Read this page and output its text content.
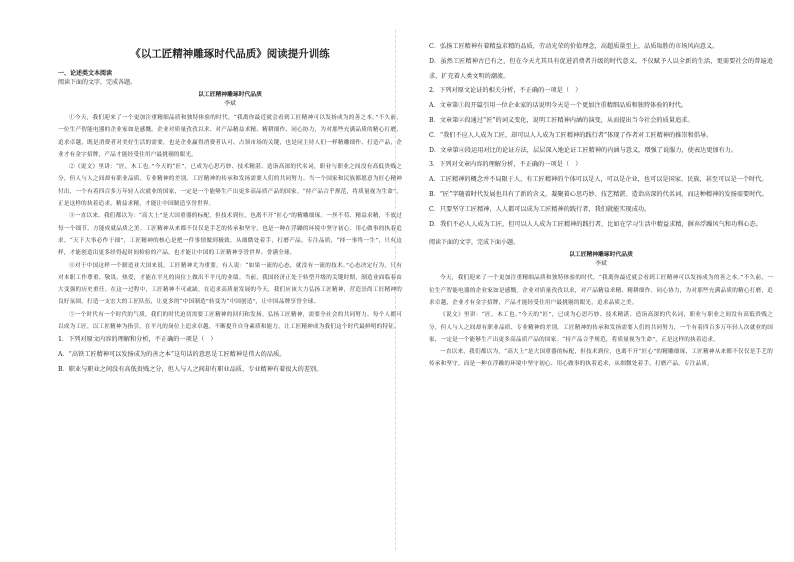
《以工匠精神雕琢时代品质》阅读提升训练

一、论述类文本阅读

阅读下面的文字，完成各题。

以工匠精神雕琢时代品质

李斌

①今天，我们迎来了一个更加注重精细品质和独特体验的时代。“我离你最近就会看到工匠精神可以发扬成为的善之本。”不久前，一位生产智能电器的企业家如是感慨。企业对质量孜孜以求、对产品精益求精、精耕细作、同心协力，为对那些充满品质的精心打磨，追求卓越，既是消费者对美好生活的需要，也是企业赢得消费者认可、占领市场的关键，也是同主持人们一样精雕细作、打造产品，企业才有金字招牌，产品才能经受住用户最挑剔的眼光。

②《说文》里讲：“匠，木工也。”今天的“匠”，已成为心思巧妙、技术精湛、造诣高深的代名词，职业与职业之间没有高低贵贱之分，但人与人之间却有职业品质、专业精神的差别。工匠精神的传承和发扬需要人们的共同努力。当一个国家和民族都愿意为匠心精神付出，一个有着四百多万年轻人次就业的国家，一定是一个能够生产出更多高品质产品的国家。“持产品合乎规范，将质量视为生命”，正是这样的执着追求，精益求精，才能让中国制造享誉世界。

③一直以来，我们都以为：“高大上”是大国重器的标配，但技术到位，也离不开“匠心”的精雕细琢。一丝不苟、精益求精，不放过每一个细节，方能成就品质之美。工匠精神从来都不仅仅是手艺的传承和坚守，也是一种在浮躁的环境中坚守初心、用心做事的执着追求。“天下大事必作于细”，工匠精神的核心是把一件事情做到极致，从细微处着手，打磨产品，专注品质，“择一事终一生”，只有这样，才能创造出更多经得起时间检验的产品，也才能让中国的工匠精神享誉世界、誉满全球。

④对于中国这样一个制造业大国来说，工匠精神尤为重要。有人说：“如果一流的心态，就没有一流的技术。”心态决定行为，只有对本职工作尊重、敬畏、热爱，才能在平凡的岗位上做出不平凡的业绩。当前，我国经济正处于转型升级的关键时期，制造业面临着由大变强的历史重任。在这一过程中，工匠精神不可或缺。在追求高质量发展的今天，我们应该大力弘扬工匠精神，营造崇尚工匠精神的良好氛围，打造一支宏大的工匠队伍，让更多的“中国制造”转变为“中国创造”，让中国品牌享誉全球。

⑤一个时代有一个时代的气质，我们的时代迫切需要工匠精神的回归和发扬。弘扬工匠精神，需要全社会的共同努力。每个人都可以成为工匠，以工匠精神为指引，在平凡的岗位上追求卓越，不断提升自身素质和能力，让工匠精神成为我们这个时代最鲜明的特征。

1．下列对原文内容的理解和分析，不正确的一项是（　）

A．“高铁工匠精神可以发扬成为的善之本”这句话的意思是工匠精神是伟大的品质。

B．职业与职业之间没有高低贵贱之分，但人与人之间却有职业品质、专业精神有着很大的差别。

C．弘扬工匠精神有着精益求精的品质，劳动光荣的价值理念，高超质量至上，品质取胜的市场风向意义。

D．虽然工匠精神古已有之，但在今天尤其具有促进消费者升级的时代意义，不仅赋予人以全新的生活，更需要社会的普遍追求，扩充着人类文明的潮流。

2．下列对原文论证的相关分析，不正确的一项是（　）

A．文章第①段开篇引用一位企业家的话说明今天是一个更加注重精细品质和独特体验的时代。

B．文章第②段通过“匠”的词义变化，说明工匠精神内涵的演变，从而提出当今社会的质量追求。

C．“我们不应人人成为工匠，却可以人人成为工匠精神的践行者”体现了作者对工匠精神的推崇和倡导。

D．文章第④段运用对比的论证方法，层层深入地论证工匠精神的内涵与意义，增强了说服力，使表达更加有力。

3．下列对文章内容的理解分析，不正确的一项是（　）

A．工匠精神的概念并不局限于人，有工匠精神的个体可以是人，可以是企业，也可以是国家、民族，甚至可以是一个时代。

B．“匠”字随着时代发展也具有了新的含义，凝聚着心思巧妙、技艺精湛、造诣高深的代名词，而这种精神的发扬需要时代。

C．只要坚守工匠精神，人人都可以成为工匠精神的践行者，我们就能实现成功。

D．我们不必人人成为工匠，但可以人人成为工匠精神的践行者，比如在学习生活中精益求精，摒弃浮躁风气和功利心态。

阅读下面的文字，完成下面小题。

以工匠精神雕琢时代品质

李斌

今天，我们迎来了一个更加注重精细品质和独特体验的时代。“我离你最近就会看到工匠精神可以发扬成为的善之本。”不久前，一位生产智能电器的企业家如是感慨。企业对质量孜孜以求，对产品精益求精、精耕细作、同心协力，为对那些充满品质的精心打磨，追求卓越，企业才有金字招牌，产品才能经受住用户最挑剔的眼光，追求品质之美。

《说文》里讲：“匠，木工也。”今天的“匠”，已成为心思巧妙、技术精湛、造诣高深的代名词，职业与职业之间没有高低贵贱之分，但人与人之间却有职业品质、专业精神的差别。工匠精神的传承和发扬需要人们的共同努力，一个有着四百多万年轻人次就业的国家，一定是一个能够生产出更多高品质产品的国家。“持产品合乎规范，将质量视为生命”，正是这样的执着追求。

一直以来，我们都以为，“高大上”是大国重器的标配，但技术到位，也离不开“匠心”的精雕细琢，工匠精神从来都不仅仅是手艺的传承和坚守，而是一种在浮躁的环境中坚守初心、用心做事的执着追求，从细微处着手，打磨产品，专注品质。
